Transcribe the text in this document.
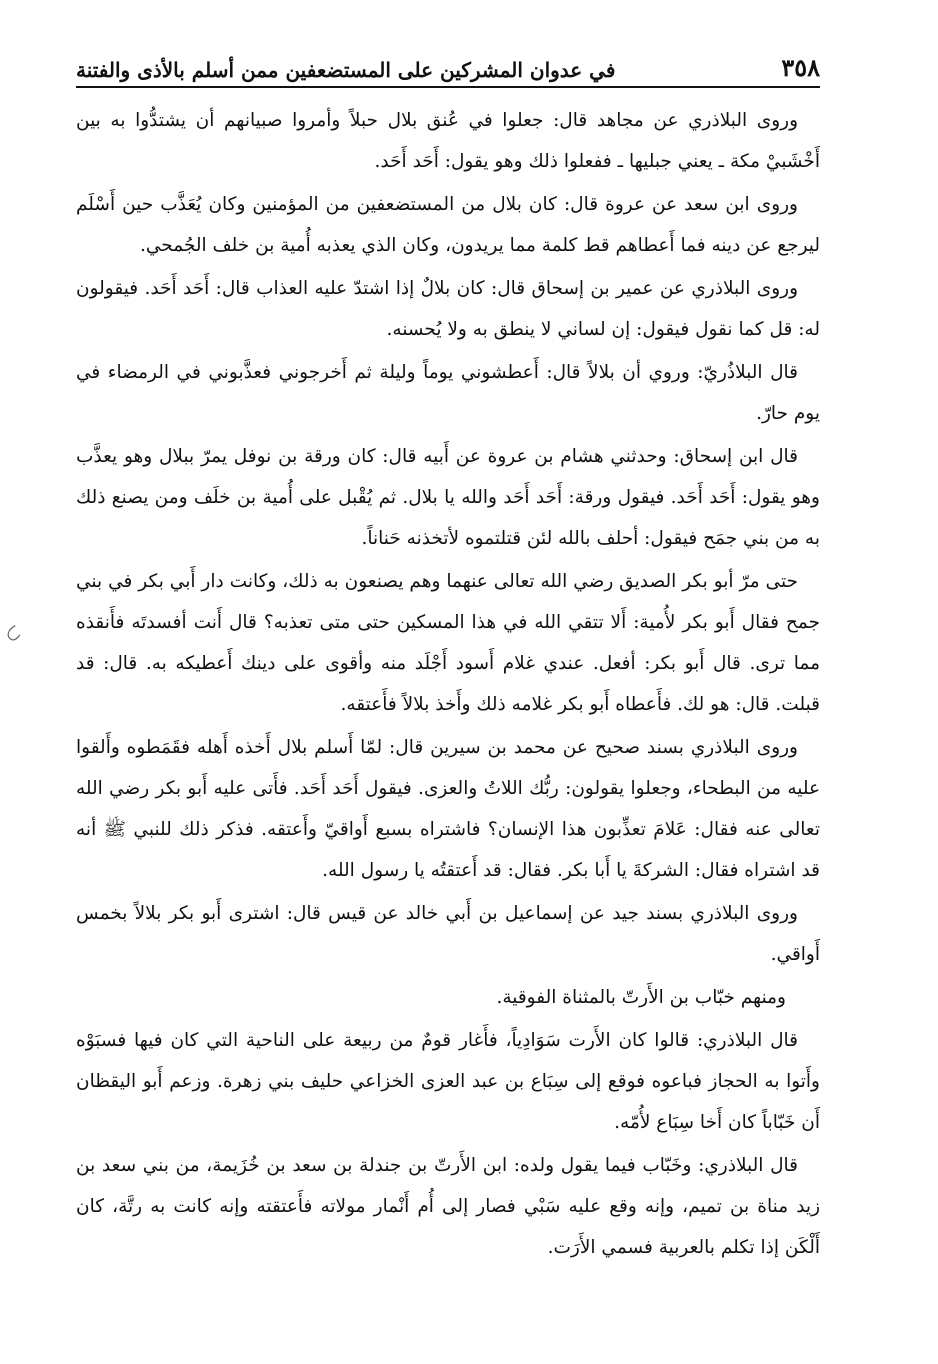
٣٥٨
في عدوان المشركين على المستضعفين ممن أسلم بالأذى والفتنة

وروى البلاذري عن مجاهد قال: جعلوا في عُنق بلال حبلاً وأمروا صبيانهم أن يشتدُّوا به بين أَخْشَبيْ مكة ـ يعني جبليها ـ ففعلوا ذلك وهو يقول: أَحَد أَحَد.

وروى ابن سعد عن عروة قال: كان بلال من المستضعفين من المؤمنين وكان يُعَذَّب حين أَسْلَم ليرجع عن دينه فما أَعطاهم قط كلمة مما يريدون، وكان الذي يعذبه أُمية بن خلف الجُمحي.

وروى البلاذري عن عمير بن إسحاق قال: كان بلالٌ إذا اشتدّ عليه العذاب قال: أَحَد أَحَد. فيقولون له: قل كما نقول فيقول: إن لساني لا ينطق به ولا يُحسنه.

قال البلاذُريّ: وروي أن بلالاً قال: أَعطشوني يوماً وليلة ثم أَخرجوني فعذَّبوني في الرمضاء في يوم حارّ.

قال ابن إسحاق: وحدثني هشام بن عروة عن أَبيه قال: كان ورقة بن نوفل يمرّ ببلال وهو يعذَّب وهو يقول: أَحَد أَحَد. فيقول ورقة: أَحَد أَحَد والله يا بلال. ثم يُقْبل على أُمية بن خلَف ومن يصنع ذلك به من بني جمَح فيقول: أحلف بالله لئن قتلتموه لأتخذنه حَناناً.

حتى مرّ أبو بكر الصديق رضي الله تعالى عنهما وهم يصنعون به ذلك، وكانت دار أَبي بكر في بني جمح فقال أَبو بكر لأُمية: أَلا تتقي الله في هذا المسكين حتى متى تعذبه؟ قال أَنت أفسدتَه فأَنقذه مما ترى. قال أَبو بكر: أفعل. عندي غلام أَسود أَجْلَد منه وأقوى على دينك أَعطيكه به. قال: قد قبلت. قال: هو لك. فأَعطاه أَبو بكر غلامه ذلك وأَخذ بلالاً فأَعتقه.

وروى البلاذري بسند صحيح عن محمد بن سيرين قال: لمّا أَسلم بلال أَخذه أَهله فقَمَطوه وأَلقوا عليه من البطحاء، وجعلوا يقولون: ربُّك اللاتُ والعزى. فيقول أَحَد أَحَد. فأَتى عليه أَبو بكر رضي الله تعالى عنه فقال: عَلامَ تعذِّبون هذا الإنسان؟ فاشتراه بسبع أَواقيّ وأَعتقه. فذكر ذلك للنبي ﷺ أنه قد اشتراه فقال: الشركةَ يا أَبا بكر. فقال: قد أَعتقتُه يا رسول الله.

وروى البلاذري بسند جيد عن إسماعيل بن أَبي خالد عن قيس قال: اشترى أَبو بكر بلالاً بخمس أَواقي.

ومنهم خبّاب بن الأَرتّ بالمثناة الفوقية.

قال البلاذري: قالوا كان الأَرت سَوَادِياً، فأَغار قومٌ من ربيعة على الناحية التي كان فيها فسبَوْه وأَتوا به الحجاز فباعوه فوقع إلى سِبَاع بن عبد العزى الخزاعي حليف بني زهرة. وزعم أَبو اليقظان أَن خَبّاباً كان أَخا سِبَاع لأُمّه.

قال البلاذري: وخَبّاب فيما يقول ولده: ابن الأَرتّ بن جندلة بن سعد بن خُزَيمة، من بني سعد بن زيد مناة بن تميم، وإنه وقع عليه سَبْي فصار إلى أُم أَنْمار مولاته فأَعتقته وإنه كانت به رتَّة، كان أَلْكَن إذا تكلم بالعربية فسمي الأَرَت.
